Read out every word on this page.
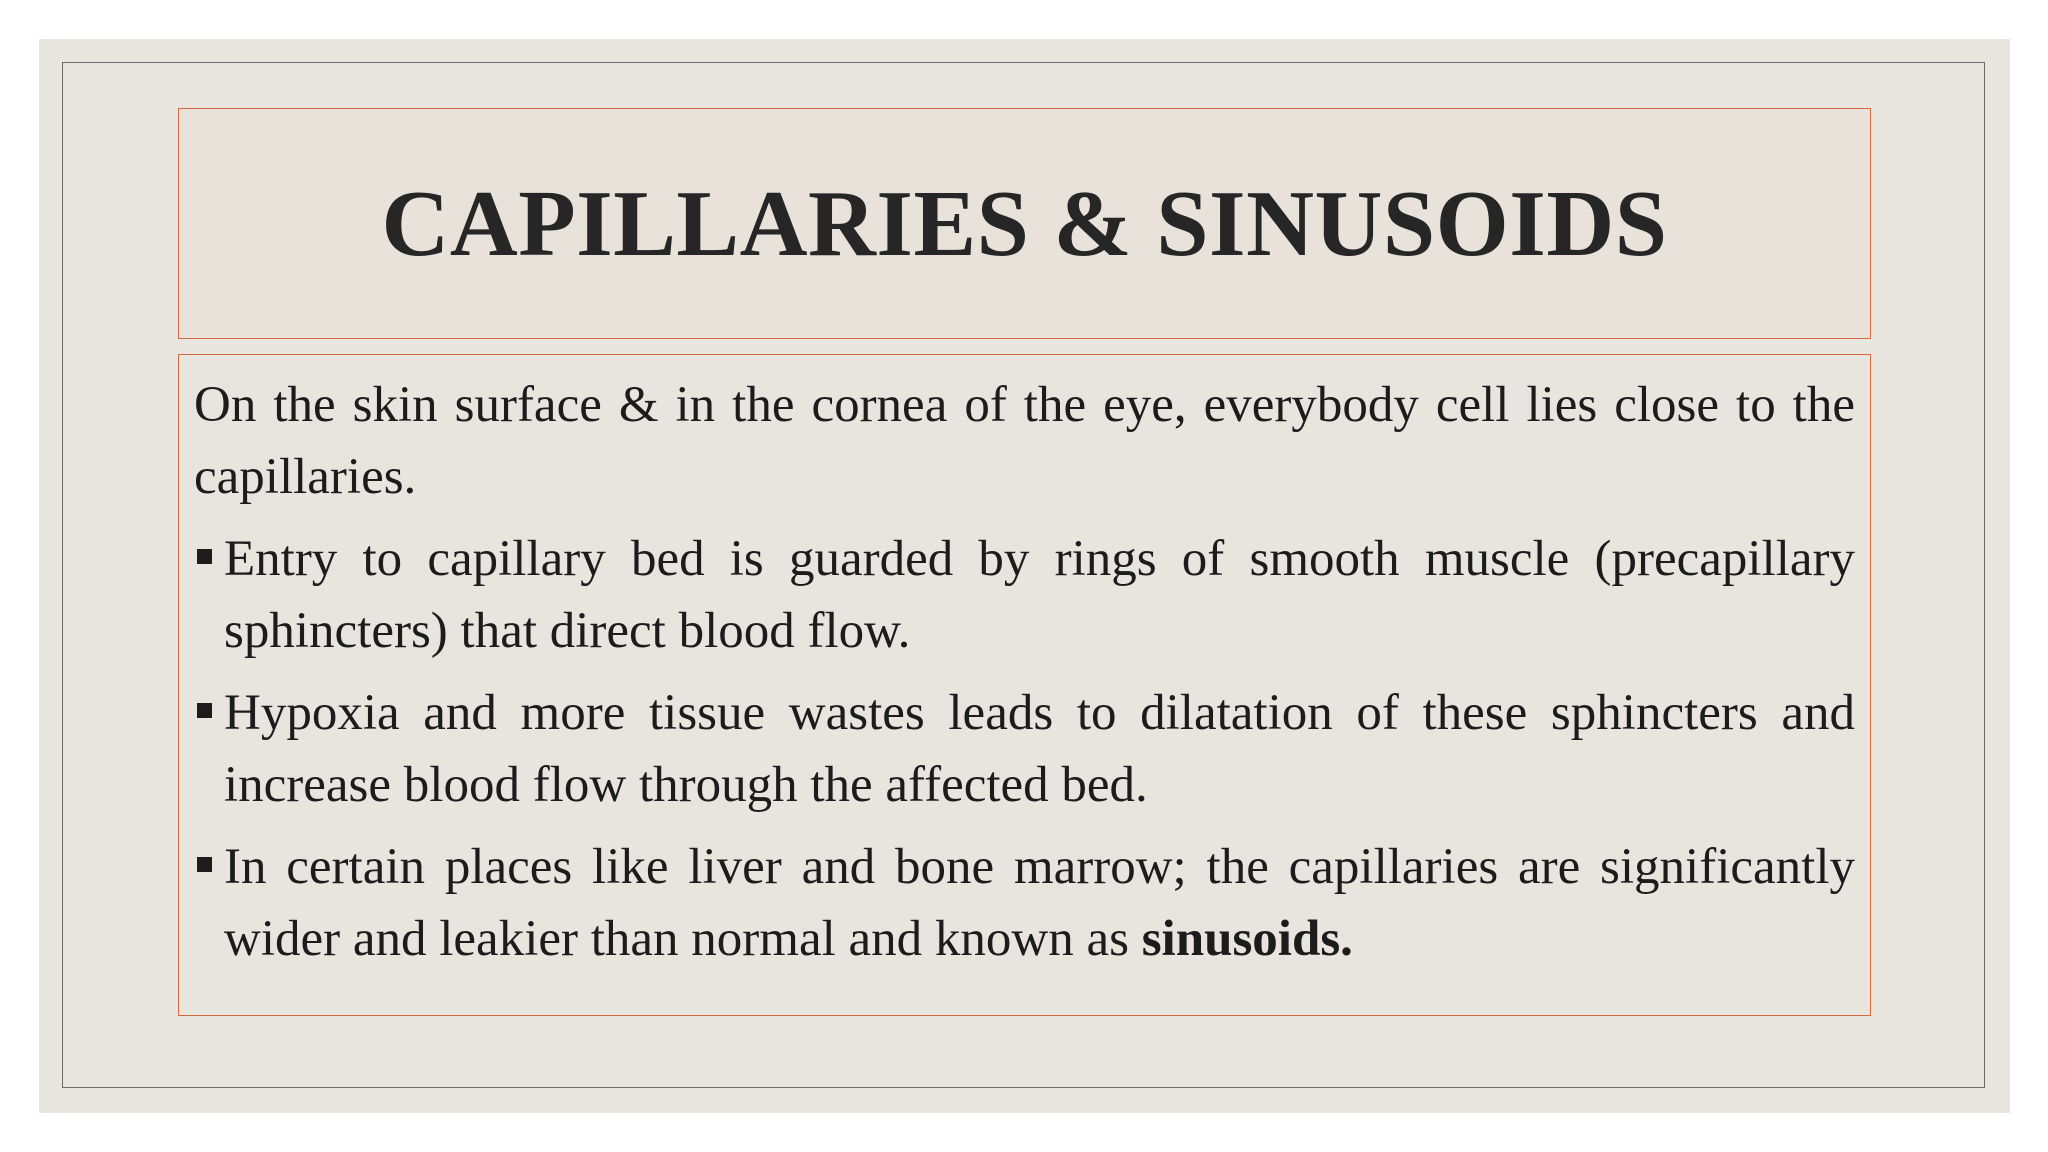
CAPILLARIES & SINUSOIDS

On the skin surface & in the cornea of the eye, everybody cell lies close to the capillaries.

Entry to capillary bed is guarded by rings of smooth muscle (precapillary sphincters) that direct blood flow.
Hypoxia and more tissue wastes leads to dilatation of these sphincters and increase blood flow through the affected bed.
In certain places like liver and bone marrow; the capillaries are significantly wider and leakier than normal and known as sinusoids.
